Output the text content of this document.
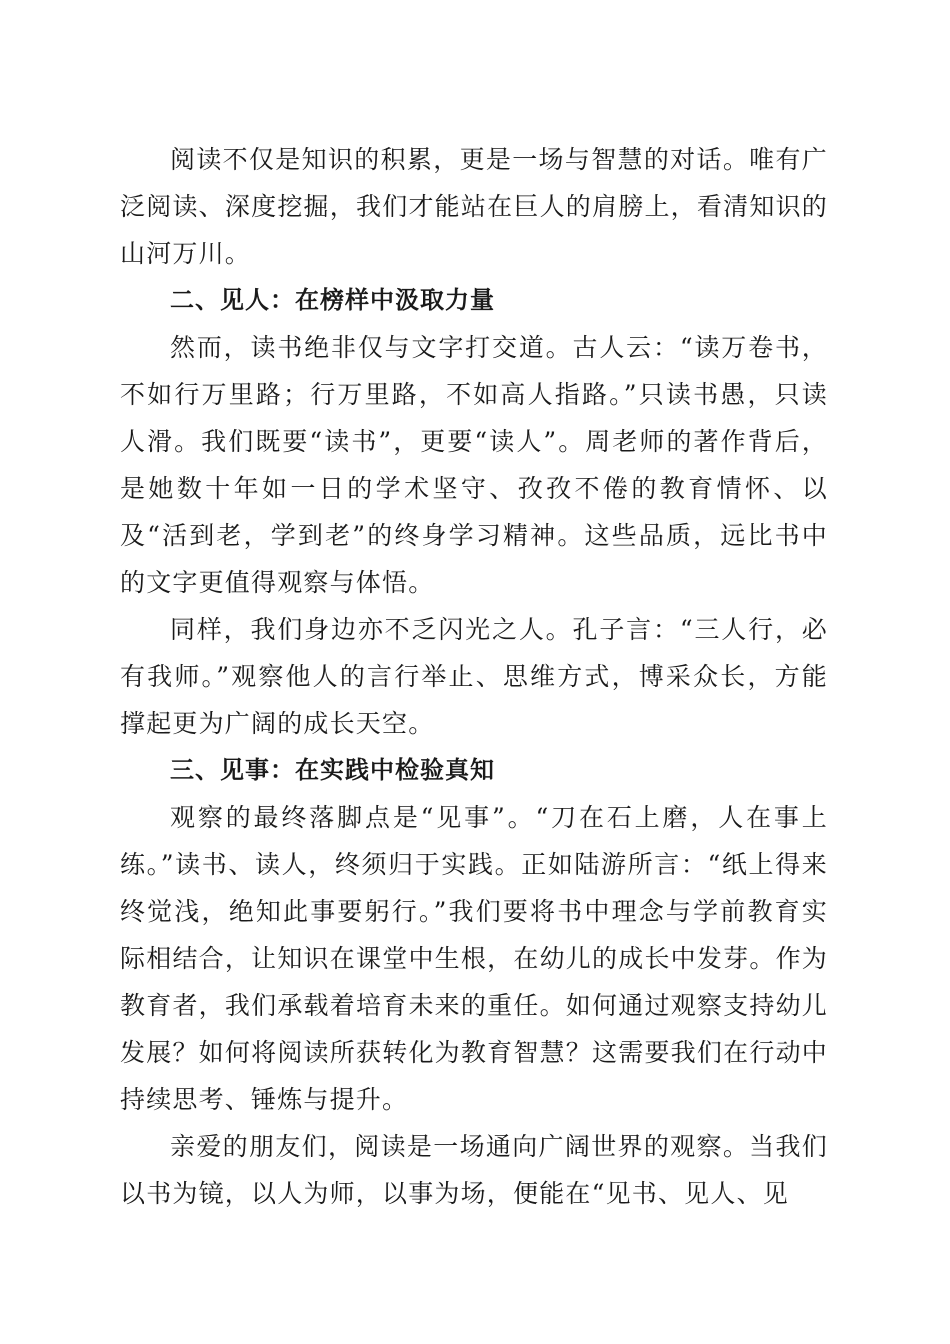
阅读不仅是知识的积累，更是一场与智慧的对话。唯有广泛阅读、深度挖掘，我们才能站在巨人的肩膀上，看清知识的山河万川。

二、见人：在榜样中汲取力量

然而，读书绝非仅与文字打交道。古人云：“读万卷书，不如行万里路；行万里路，不如高人指路。”只读书愚，只读人滑。我们既要“读书”，更要“读人”。周老师的著作背后，是她数十年如一日的学术坚守、孜孜不倦的教育情怀、以及“活到老，学到老”的终身学习精神。这些品质，远比书中的文字更值得观察与体悟。

同样，我们身边亦不乏闪光之人。孔子言：“三人行，必有我师。”观察他人的言行举止、思维方式，博采众长，方能撑起更为广阔的成长天空。

三、见事：在实践中检验真知

观察的最终落脚点是“见事”。“刀在石上磨，人在事上练。”读书、读人，终须归于实践。正如陆游所言：“纸上得来终觉浅，绝知此事要躬行。”我们要将书中理念与学前教育实际相结合，让知识在课堂中生根，在幼儿的成长中发芽。作为教育者，我们承载着培育未来的重任。如何通过观察支持幼儿发展？如何将阅读所获转化为教育智慧？这需要我们在行动中持续思考、锤炼与提升。

亲爱的朋友们，阅读是一场通向广阔世界的观察。当我们以书为镜，以人为师，以事为场，便能在“见书、见人、见
